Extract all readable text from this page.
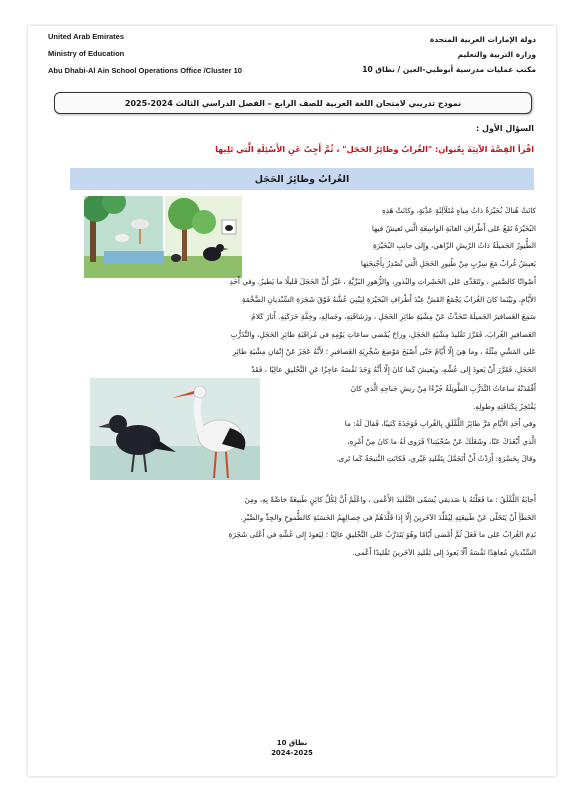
United Arab Emirates
Ministry of Education
Abu Dhabi-Al Ain School Operations Office /Cluster 10
دولة الإمارات العربية المتحدة
وزارة التربية والتعليم
مكتب عمليات مدرسية أبوظبي-العين / نطاق 10
نموذج تدريبي لامتحان اللغة العربية للصف الرابع – الفصل الدراسي الثالث 2024-2025
السؤال الأول :
اقْرأ القِصَّةَ الآتِيَةَ بِعُنوان: "الغُرابُ وطائِرُ الحَجَل" ، ثُمَّ أَجِبْ عَنِ الأَسْئِلَةِ الَّتي تَلِيها
الغُرابُ وطائِرُ الحَجَل
كانَتْ هُناكَ بُحَيْرَةٌ ذاتُ مِياهٍ مُتَلَألِئَةٍ عَذْبَةٍ، وكانَتْ هَذِهِ
البُحَيْرَةُ تَقَعُ عَلى أَطْرافِ الغابَةِ الواسِعَةِ الَّتي تَعيشُ فيها
الطُّيورُ الجَميلَةُ ذاتُ الرّيشِ الزّاهي، وإِلى جانِبِ البُحَيْرَةِ
يَعيشُ غُرابٌ مَعَ سِرْبٍ مِنْ طُيورِ الحَجَلِ الَّتي تُصْدِرُ بِأَجْنِحَتِها
أَصْواتًا كالصَّفيرِ ، وتَتَغَذّى عَلى الحَشَراتِ والبُذورِ، والزُّهورِ البَرِّيَّةِ ، غَيْرَ أَنَّ الحَجَلَ قَليلًا ما يَطيرُ. وفي أَحَدِ
الأَيّامِ، وبَيْنَما كانَ الغُرابُ يَجْمَعُ القَشَّ عِنْدَ أَطْرافِ البُحَيْرَةِ لِيَبْنِيَ عُشَّهُ فَوْقَ شَجَرَةِ السِّنْديانِ الضَّخْمَةِ
سَمِعَ العَصافيرَ الجَميلَةَ تَتَحَدَّثُ عَنْ مِشْيَةِ طائِرِ الحَجَلِ ، ورَشاقَتِهِ، وجَمالِهِ، وخِفَّةِ حَرَكَتِهِ. أَثارَ كَلامُ
العَصافيرِ الغُرابَ، فَقَرَّرَ تَقْليدَ مِشْيَةِ الحَجَلِ، وراحَ يُمْضي ساعاتِ يَوْمِهِ في مُراقَبَةِ طائِرِ الحَجَلِ، والتَّدَرُّبِ
عَلى المَشْيِ مِثْلَهُ ، وما هِيَ إِلّا أَيّامٌ حَتّى أَصْبَحَ مَوْضِعَ سُخْرِيَةِ العَصافيرِ ؛ لأَنَّهُ عَجَزَ عَنْ إِتْقانِ مِشْيَةِ طائِرِ
الحَجَلِ، فَقَرَّرَ أَنْ يَعودَ إِلى عُشِّهِ، ويَعيشَ كَما كانَ إِلّا أَنَّهُ وَجَدَ نَفْسَهُ عاجِزًا عَنِ التَّحْليقِ عالِيًا ، فَقَدْ
أَفْقَدَتْهُ ساعاتُ التَّدَرُّبِ الطَّويلَةُ جُزْءًا مِنْ ريشِ جَناحِهِ الَّذي كانَ
يَفْتَخِرُ بِكَثافَتِهِ وطولِهِ.
وفي أَحَدِ الأَيّامِ مَرَّ طائِرُ اللَّقْلَقِ بِالغُرابِ فَوَجَدَهُ كَئيبًا، فَقالَ لَهُ: ما
الَّذي أَبْعَدَكَ عَنّا، وشَغَلَكَ عَنْ صُحْبَتِنا؟ فَرَوى لَهُ ما كانَ مِنْ أَمْرِهِ،
وقالَ بِحَسْرَةٍ: أَرَدْتُ أَنْ أَتَجَمَّلَ بِتَقْليدِ غَيْري، فَكانَتِ النَّتيجَةُ كَما تَرى.
أَجابَهُ اللَّقْلَقُ : ما فَعَلْتَهُ يا صَديقي يُسَمّى التَّقْليدَ الأَعْمى ، واعْلَمْ أَنَّ لِكُلِّ كائِنٍ طَبيعَةً خاصَّةً بِهِ، ومِنَ
الخَطَأِ أَنْ يَتَخَلّى عَنْ طَبيعَتِهِ لِيُقَلِّدَ الآخَرينَ إِلّا إِذا قَلَّدَهُمْ في خِصالِهِمُ الحَسَنَةِ كالطُّموحِ والجِدِّ والصَّبْرِ.
نَدِمَ الغُرابُ عَلى ما فَعَلَ ثُمَّ أَمْضى أَيّامًا وهُوَ يَتَدَرَّبُ عَلى التَّحْليقِ عالِيًا ؛ لِيَعودَ إِلى عُشِّهِ في أَعْلى شَجَرَةِ
السِّنْديانِ مُعاهِدًا نَفْسَهُ أَلّا يَعودَ إِلى تَقْليدِ الآخَرينَ تَقْليدًا أَعْمى.
نطاق 10
2024-2025
